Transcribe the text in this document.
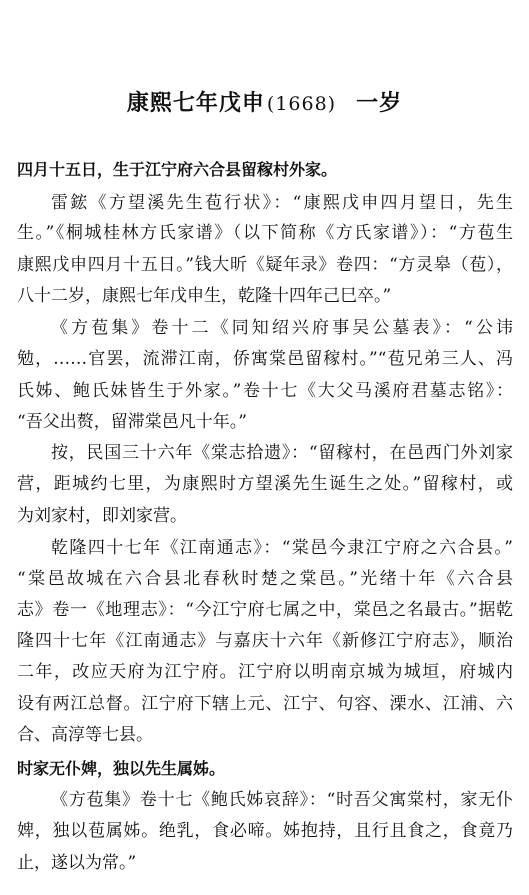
康熙七年戊申 (1668) 一岁
四月十五日，生于江宁府六合县留稼村外家。
雷鋐《方望溪先生苞行状》：“康熙戊申四月望日，先生
生。”《桐城桂林方氏家谱》（以下简称《方氏家谱》）：“方苞生
康熙戊申四月十五日。”钱大昕《疑年录》卷四：“方灵皋（苞），
八十二岁，康熙七年戊申生，乾隆十四年己巳卒。”
《方苞集》卷十二《同知绍兴府事吴公墓表》：“公讳
勉，……官罢，流滞江南，侨寓棠邑留稼村。”“苞兄弟三人、冯
氏姊、鲍氏妹皆生于外家。”卷十七《大父马溪府君墓志铭》：
“吾父出赘，留滞棠邑凡十年。”
按，民国三十六年《棠志拾遗》：“留稼村，在邑西门外刘家
营，距城约七里，为康熙时方望溪先生诞生之处。”留稼村，或
为刘家村，即刘家营。
乾隆四十七年《江南通志》：“棠邑今隶江宁府之六合县。”
“棠邑故城在六合县北春秋时楚之棠邑。”光绪十年《六合县
志》卷一《地理志》：“今江宁府七属之中，棠邑之名最古。”据乾
隆四十七年《江南通志》与嘉庆十六年《新修江宁府志》，顺治
二年，改应天府为江宁府。江宁府以明南京城为城垣，府城内
设有两江总督。江宁府下辖上元、江宁、句容、溧水、江浦、六
合、高淳等七县。
时家无仆婢，独以先生属姊。
《方苞集》卷十七《鲍氏姊哀辞》：“时吾父寓棠村，家无仆
婢，独以苞属姊。绝乳，食必啼。姊抱持，且行且食之，食竟乃
止，遂以为常。”
